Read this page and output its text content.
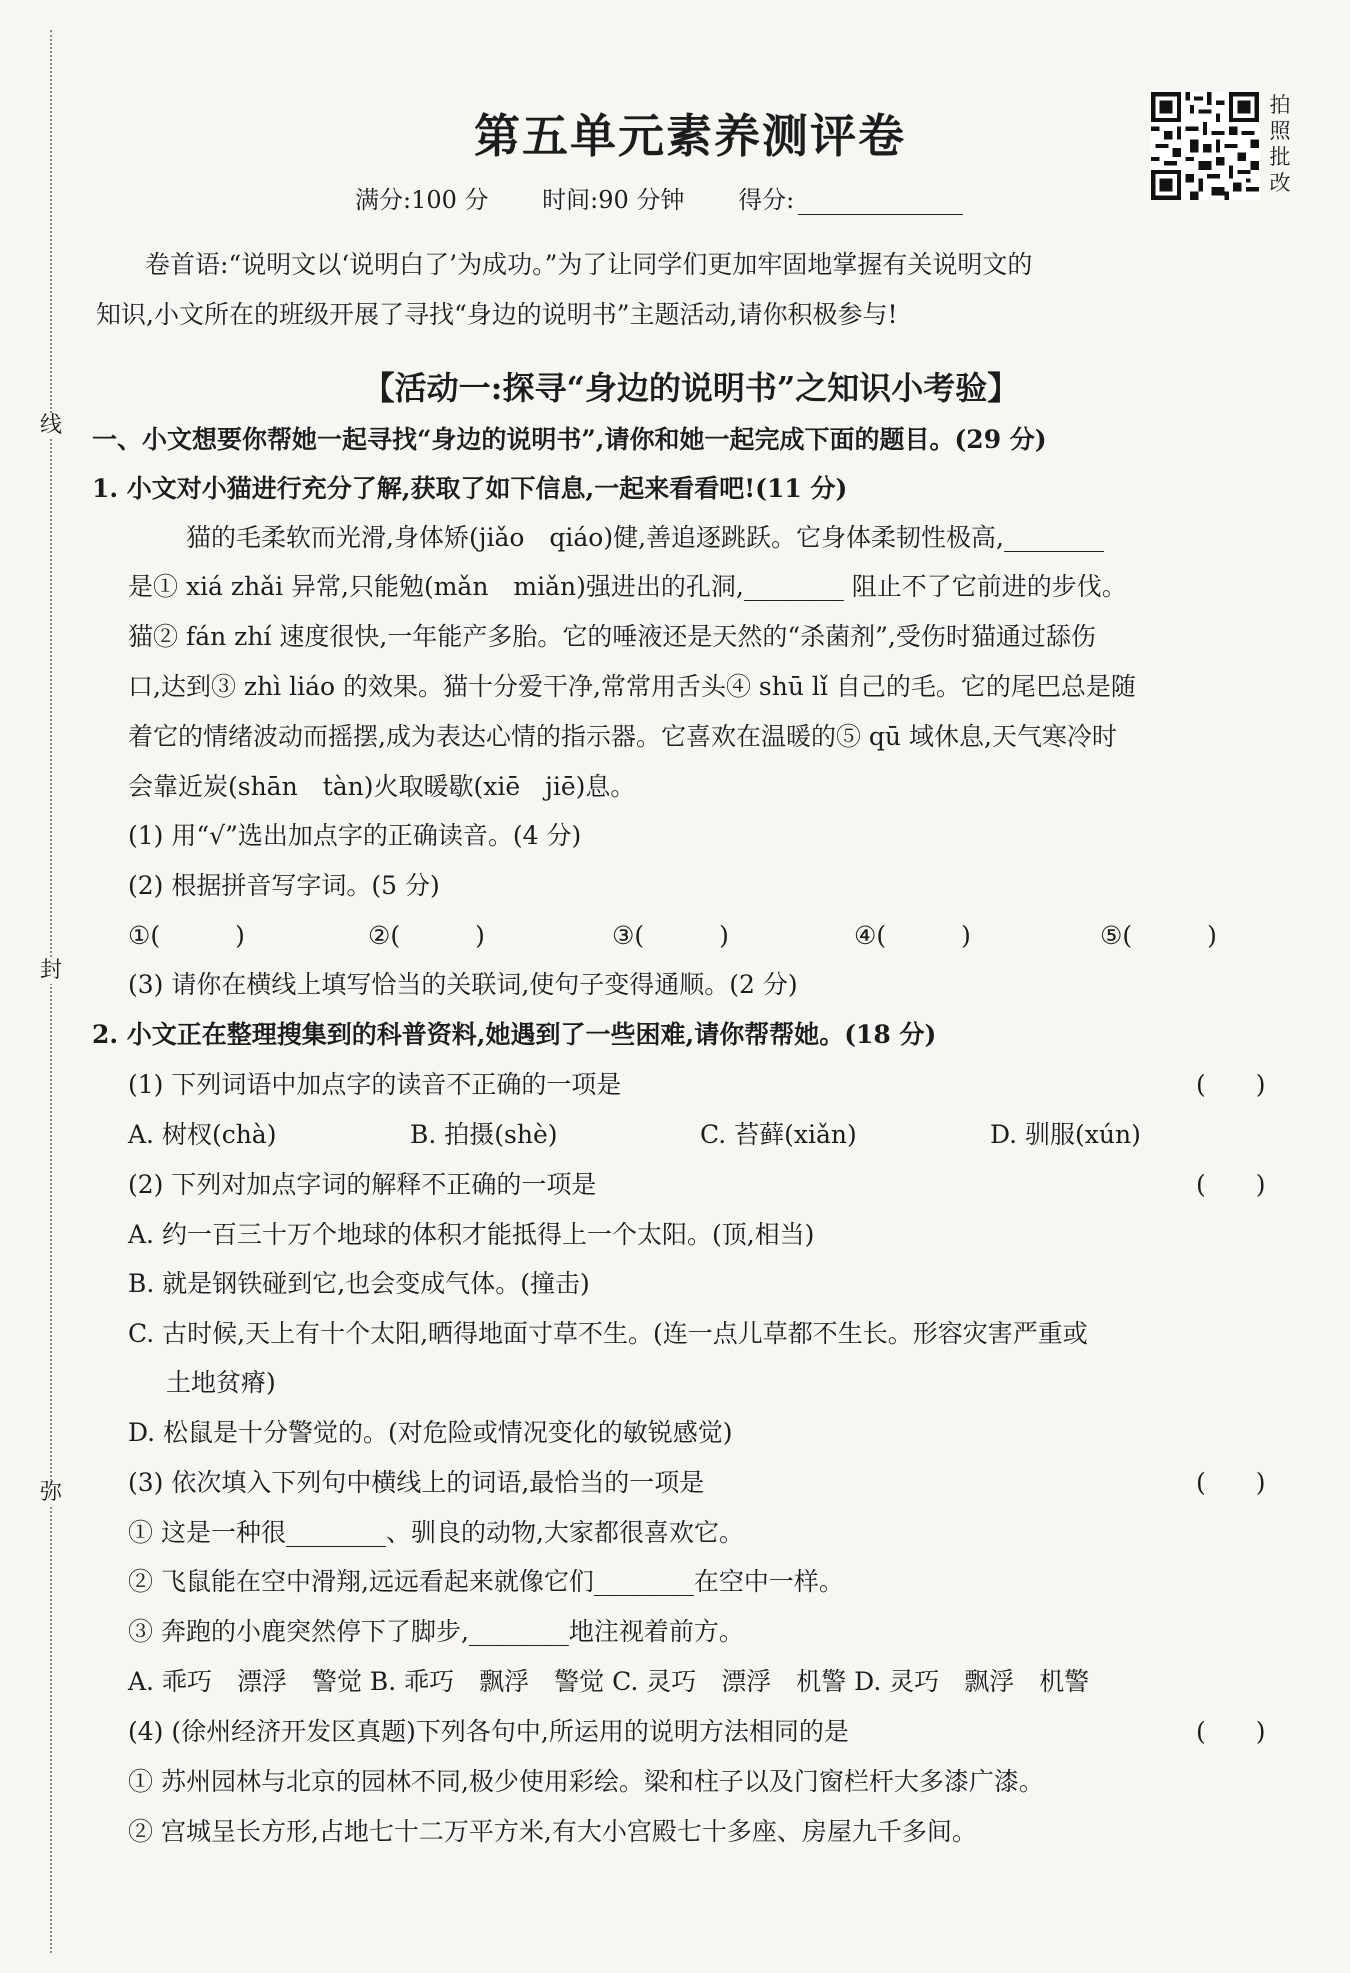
线
封
弥
拍
照
批
改
第五单元素养测评卷
满分:100 分 时间:90 分钟 得分:
卷首语:“说明文以‘说明白了’为成功。”为了让同学们更加牢固地掌握有关说明文的
知识,小文所在的班级开展了寻找“身边的说明书”主题活动,请你积极参与!
【活动一:探寻“身边的说明书”之知识小考验】
一、小文想要你帮她一起寻找“身边的说明书”,请你和她一起完成下面的题目。(29 分)
1. 小文对小猫进行充分了解,获取了如下信息,一起来看看吧!(11 分)
猫的毛柔软而光滑,身体矫(jiǎo　qiáo)健,善追逐跳跃。它身体柔韧性极高,________
是① xiá zhǎi 异常,只能勉(mǎn　miǎn)强进出的孔洞,________ 阻止不了它前进的步伐。
猫② fán zhí 速度很快,一年能产多胎。它的唾液还是天然的“杀菌剂”,受伤时猫通过舔伤
口,达到③ zhì liáo 的效果。猫十分爱干净,常常用舌头④ shū lǐ 自己的毛。它的尾巴总是随
着它的情绪波动而摇摆,成为表达心情的指示器。它喜欢在温暖的⑤ qū 域休息,天气寒冷时
会靠近炭(shān　tàn)火取暖歇(xiē　jiē)息。
(1) 用“√”选出加点字的正确读音。(4 分)
(2) 根据拼音写字词。(5 分)
①(　　　)	②(　　　)	③(　　　)	④(　　　)	⑤(　　　)
(3) 请你在横线上填写恰当的关联词,使句子变得通顺。(2 分)
2. 小文正在整理搜集到的科普资料,她遇到了一些困难,请你帮帮她。(18 分)
(1) 下列词语中加点字的读音不正确的一项是	(　　)
A. 树杈(chà)	B. 拍摄(shè)	C. 苔藓(xiǎn)	D. 驯服(xún)
(2) 下列对加点字词的解释不正确的一项是	(　　)
A. 约一百三十万个地球的体积才能抵得上一个太阳。(顶,相当)
B. 就是钢铁碰到它,也会变成气体。(撞击)
C. 古时候,天上有十个太阳,晒得地面寸草不生。(连一点儿草都不生长。形容灾害严重或
土地贫瘠)
D. 松鼠是十分警觉的。(对危险或情况变化的敏锐感觉)
(3) 依次填入下列句中横线上的词语,最恰当的一项是	(　　)
① 这是一种很________、驯良的动物,大家都很喜欢它。
② 飞鼠能在空中滑翔,远远看起来就像它们________在空中一样。
③ 奔跑的小鹿突然停下了脚步,________地注视着前方。
A. 乖巧　漂浮　警觉 B. 乖巧　飘浮　警觉 C. 灵巧　漂浮　机警 D. 灵巧　飘浮　机警
(4) (徐州经济开发区真题)下列各句中,所运用的说明方法相同的是	(　　)
① 苏州园林与北京的园林不同,极少使用彩绘。梁和柱子以及门窗栏杆大多漆广漆。
② 宫城呈长方形,占地七十二万平方米,有大小宫殿七十多座、房屋九千多间。
